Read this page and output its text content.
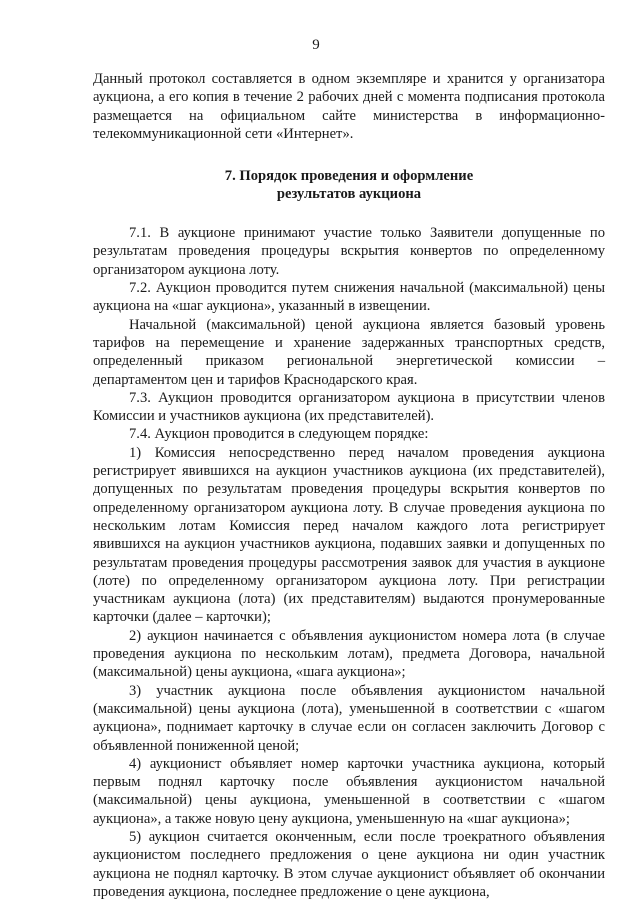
9

Данный протокол составляется в одном экземпляре и хранится у организатора аукциона, а его копия в течение 2 рабочих дней с момента подписания протокола размещается на официальном сайте министерства в информационно-телекоммуникационной сети «Интернет».

7. Порядок проведения и оформление
результатов аукциона

7.1. В аукционе принимают участие только Заявители допущенные по результатам проведения процедуры вскрытия конвертов по определенному организатором аукциона лоту.

7.2. Аукцион проводится путем снижения начальной (максимальной) цены аукциона на «шаг аукциона», указанный в извещении.

Начальной (максимальной) ценой аукциона является базовый уровень тарифов на перемещение и хранение задержанных транспортных средств, определенный приказом региональной энергетической комиссии – департаментом цен и тарифов Краснодарского края.

7.3. Аукцион проводится организатором аукциона в присутствии членов Комиссии и участников аукциона (их представителей).

7.4. Аукцион проводится в следующем порядке:

1) Комиссия непосредственно перед началом проведения аукциона регистрирует явившихся на аукцион участников аукциона (их представителей), допущенных по результатам проведения процедуры вскрытия конвертов по определенному организатором аукциона лоту. В случае проведения аукциона по нескольким лотам Комиссия перед началом каждого лота регистрирует явившихся на аукцион участников аукциона, подавших заявки и допущенных по результатам проведения процедуры рассмотрения заявок для участия в аукционе (лоте) по определенному организатором аукциона лоту. При регистрации участникам аукциона (лота) (их представителям) выдаются пронумерованные карточки (далее – карточки);

2) аукцион начинается с объявления аукционистом номера лота (в случае проведения аукциона по нескольким лотам), предмета Договора, начальной (максимальной) цены аукциона, «шага аукциона»;

3) участник аукциона после объявления аукционистом начальной (максимальной) цены аукциона (лота), уменьшенной в соответствии с «шагом аукциона», поднимает карточку в случае если он согласен заключить Договор с объявленной пониженной ценой;

4) аукционист объявляет номер карточки участника аукциона, который первым поднял карточку после объявления аукционистом начальной (максимальной) цены аукциона, уменьшенной в соответствии с «шагом аукциона», а также новую цену аукциона, уменьшенную на «шаг аукциона»;

5) аукцион считается оконченным, если после троекратного объявления аукционистом последнего предложения о цене аукциона ни один участник аукциона не поднял карточку. В этом случае аукционист объявляет об окончании проведения аукциона, последнее предложение о цене аукциона,
